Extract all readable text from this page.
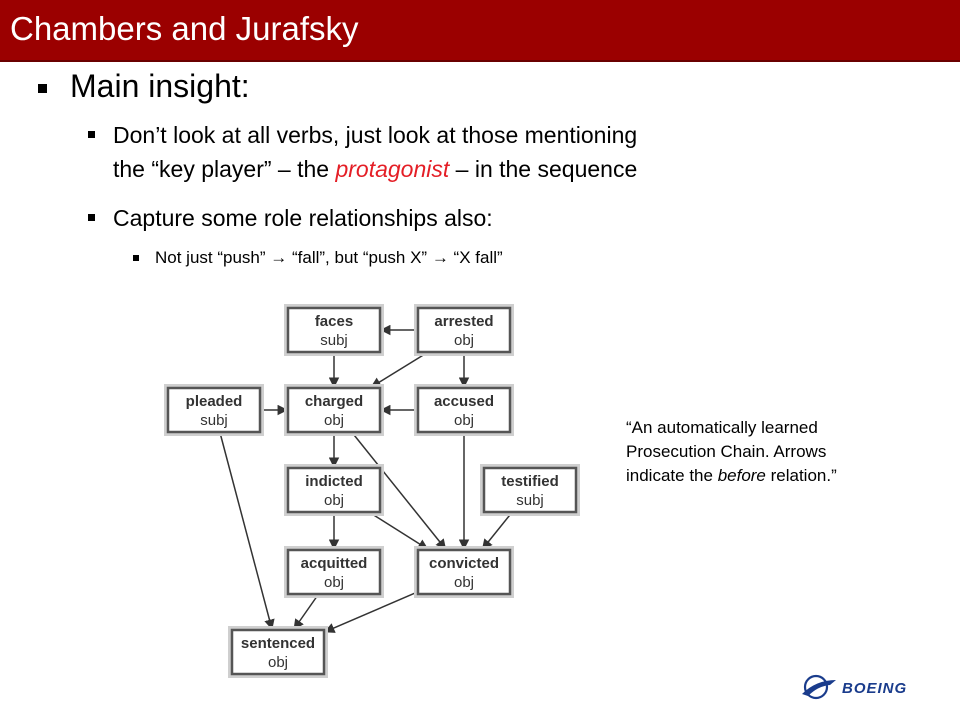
Chambers and Jurafsky
Main insight:
Don’t look at all verbs, just look at those mentioning
the “key player” – the protagonist – in the sequence
Capture some role relationships also:
Not just “push” → “fall”, but “push X” → “X fall”
faces
subj
arrested
obj
pleaded
subj
charged
obj
accused
obj
indicted
obj
testified
subj
acquitted
obj
convicted
obj
sentenced
obj
“An automatically learned Prosecution Chain. Arrows indicate the before relation.”
BOEING
